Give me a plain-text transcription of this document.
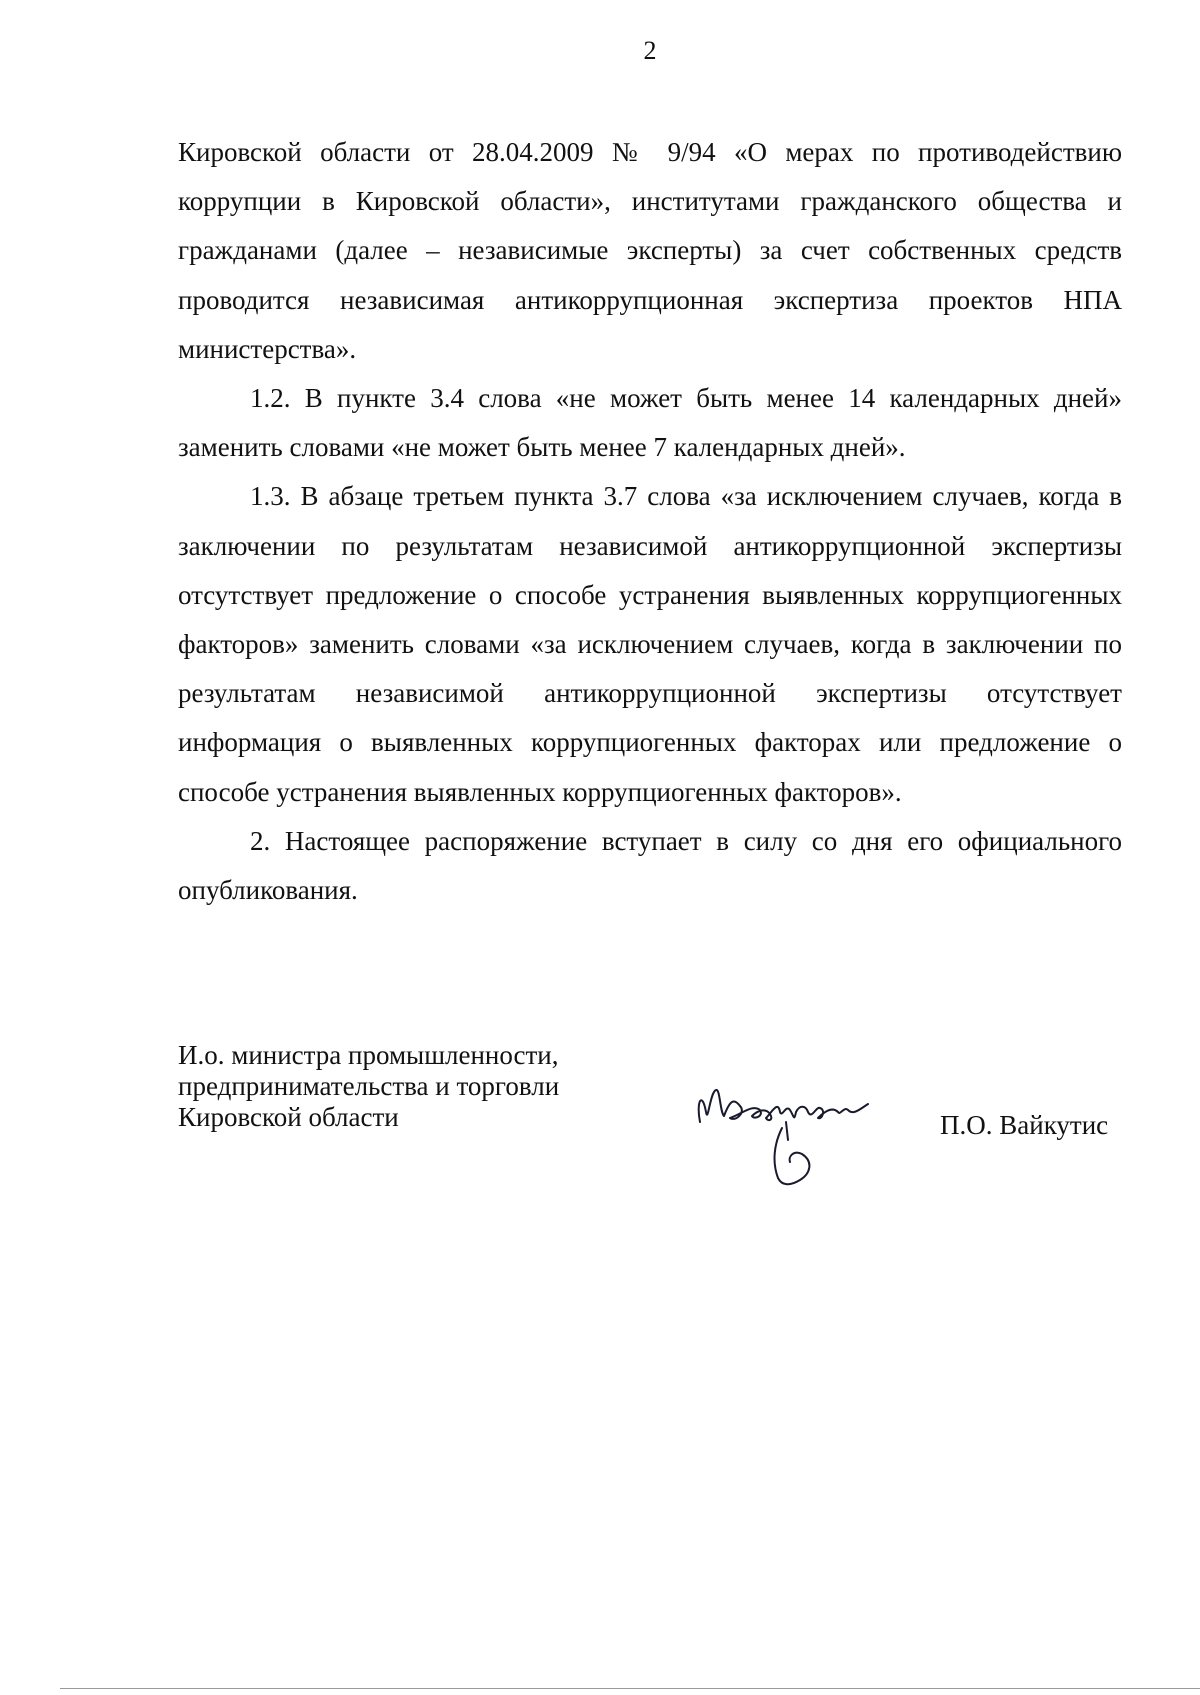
2

Кировской области от 28.04.2009 № 9/94 «О мерах по противодействию коррупции в Кировской области», институтами гражданского общества и гражданами (далее – независимые эксперты) за счет собственных средств проводится независимая антикоррупционная экспертиза проектов НПА министерства».

1.2. В пункте 3.4 слова «не может быть менее 14 календарных дней» заменить словами «не может быть менее 7 календарных дней».

1.3. В абзаце третьем пункта 3.7 слова «за исключением случаев, когда в заключении по результатам независимой антикоррупционной экспертизы отсутствует предложение о способе устранения выявленных коррупциогенных факторов» заменить словами «за исключением случаев, когда в заключении по результатам независимой антикоррупционной экспертизы отсутствует информация о выявленных коррупциогенных факторах или предложение о способе устранения выявленных коррупциогенных факторов».

2. Настоящее распоряжение вступает в силу со дня его официального опубликования.

И.о. министра промышленности,
предпринимательства и торговли
Кировской области	П.О. Вайкутис
